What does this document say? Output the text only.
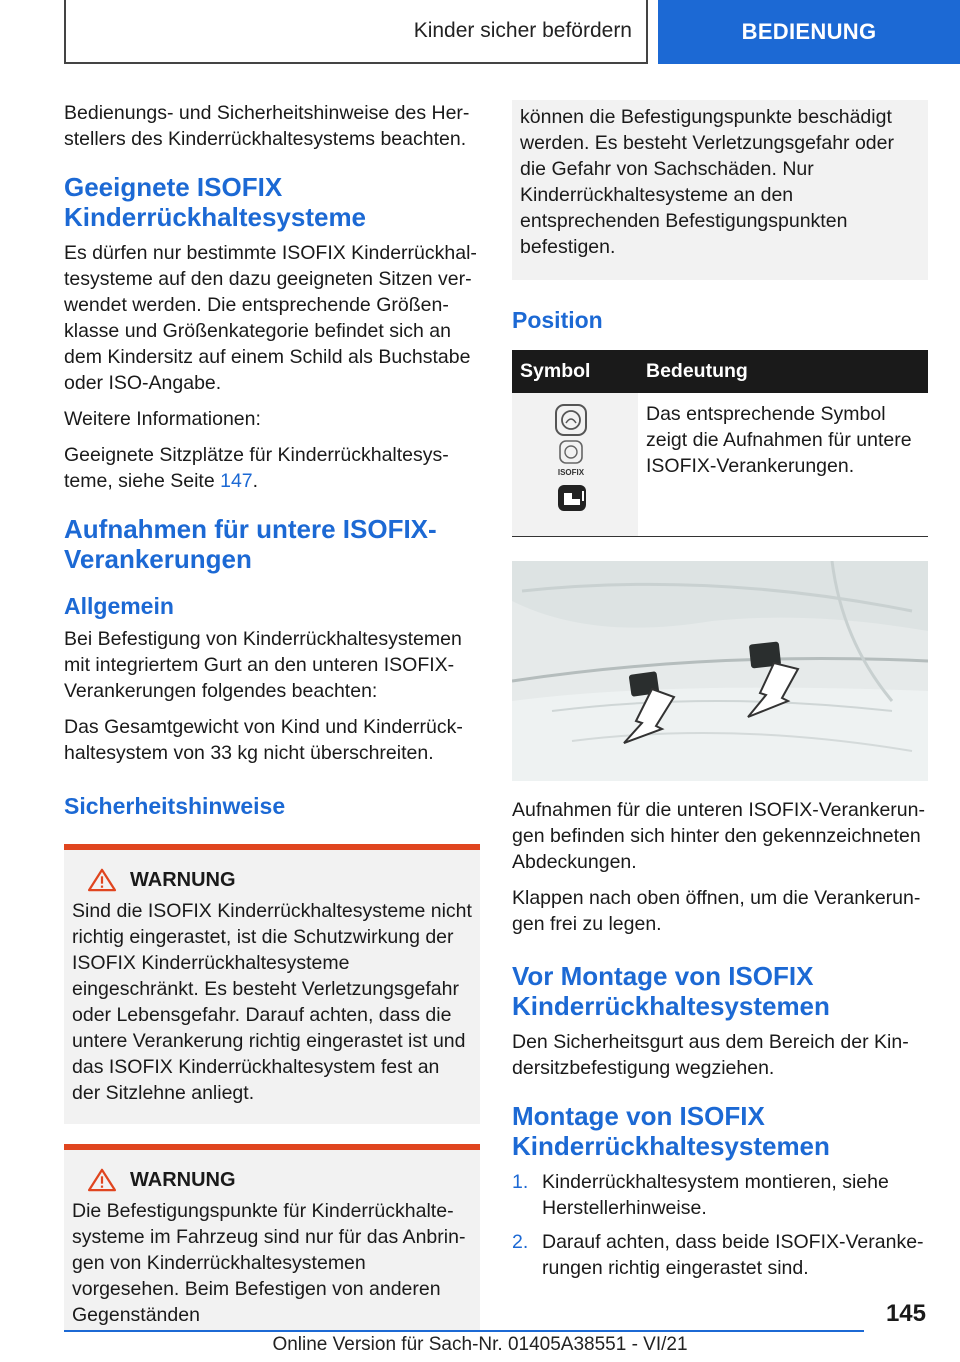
Kinder sicher befördern	BEDIENUNG

Bedienungs- und Sicherheitshinweise des Herstellers des Kinderrückhaltesystems beachten.

Geeignete ISOFIX Kinderrückhaltesysteme

Es dürfen nur bestimmte ISOFIX Kinderrückhaltesysteme auf den dazu geeigneten Sitzen verwendet werden. Die entsprechende Größenklasse und Größenkategorie befindet sich an dem Kindersitz auf einem Schild als Buchstabe oder ISO-Angabe.

Weitere Informationen:

Geeignete Sitzplätze für Kinderrückhaltesysteme, siehe Seite 147.

Aufnahmen für untere ISOFIX-Verankerungen
Allgemein

Bei Befestigung von Kinderrückhaltesystemen mit integriertem Gurt an den unteren ISOFIX-Verankerungen folgendes beachten:

Das Gesamtgewicht von Kind und Kinderrückhaltesystem von 33 kg nicht überschreiten.

Sicherheitshinweise
WARNUNG

Sind die ISOFIX Kinderrückhaltesysteme nicht richtig eingerastet, ist die Schutzwirkung der ISOFIX Kinderrückhaltesysteme eingeschränkt. Es besteht Verletzungsgefahr oder Lebensgefahr. Darauf achten, dass die untere Verankerung richtig eingerastet ist und das ISOFIX Kinderrückhaltesystem fest an der Sitzlehne anliegt.

WARNUNG

Die Befestigungspunkte für Kinderrückhaltesysteme im Fahrzeug sind nur für das Anbringen von Kinderrückhaltesystemen vorgesehen. Beim Befestigen von anderen Gegenständen

können die Befestigungspunkte beschädigt werden. Es besteht Verletzungsgefahr oder die Gefahr von Sachschäden. Nur Kinderrückhaltesysteme an den entsprechenden Befestigungspunkten befestigen.

Position
Symbol	Bedeutung

ISOFIX	Das entsprechende Symbol zeigt die Aufnahmen für untere ISOFIX-Verankerungen.

Aufnahmen für die unteren ISOFIX-Verankerungen befinden sich hinter den gekennzeichneten Abdeckungen.

Klappen nach oben öffnen, um die Verankerungen frei zu legen.

Vor Montage von ISOFIX Kinderrückhaltesystemen

Den Sicherheitsgurt aus dem Bereich der Kindersitzbefestigung wegziehen.

Montage von ISOFIX Kinderrückhaltesystemen
1. Kinderrückhaltesystem montieren, siehe Herstellerhinweise.
2. Darauf achten, dass beide ISOFIX-Verankerungen richtig eingerastet sind.
145
Online Version für Sach-Nr. 01405A38551 - VI/21
